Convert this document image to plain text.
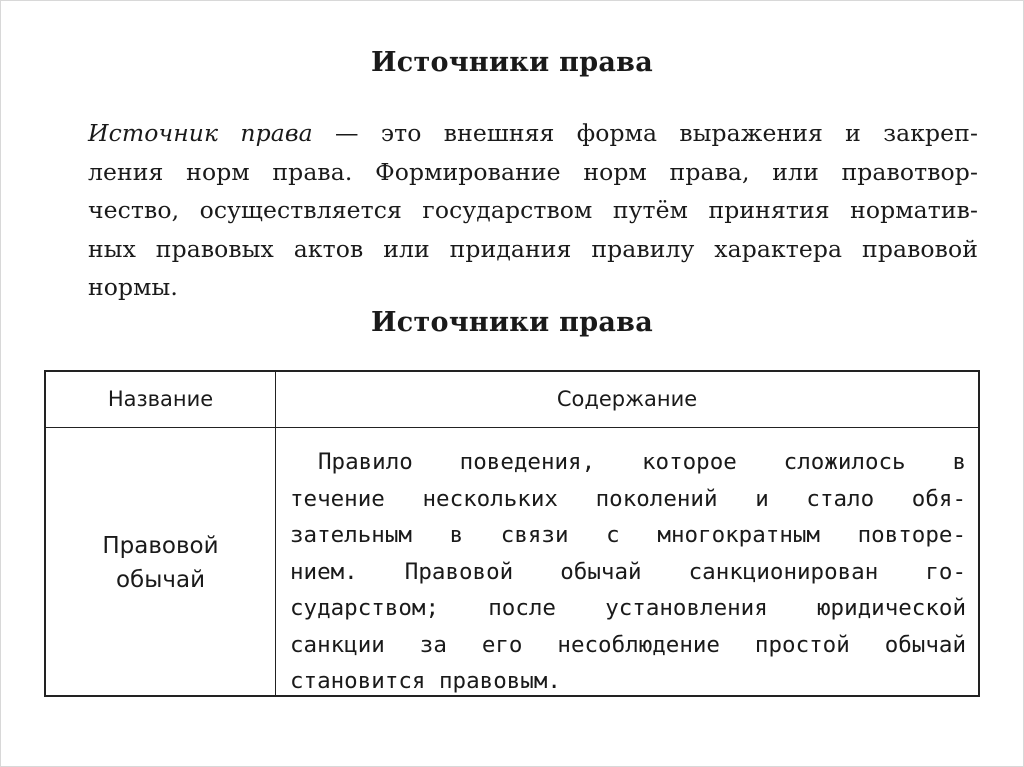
Источники права

Источник права — это внешняя форма выражения и закреп-
ления норм права. Формирование норм права, или правотвор-
чество, осуществляется государством путём принятия норматив-
ных правовых актов или придания правилу характера правовой
нормы.

Источники права
Название	Содержание
Правовой
обычай
Правило поведения, которое сложилось в
течение нескольких поколений и стало обя-
зательным в связи с многократным повторе-
нием. Правовой обычай санкционирован го-
сударством; после установления юридической
санкции за его несоблюдение простой обычай
становится правовым.
